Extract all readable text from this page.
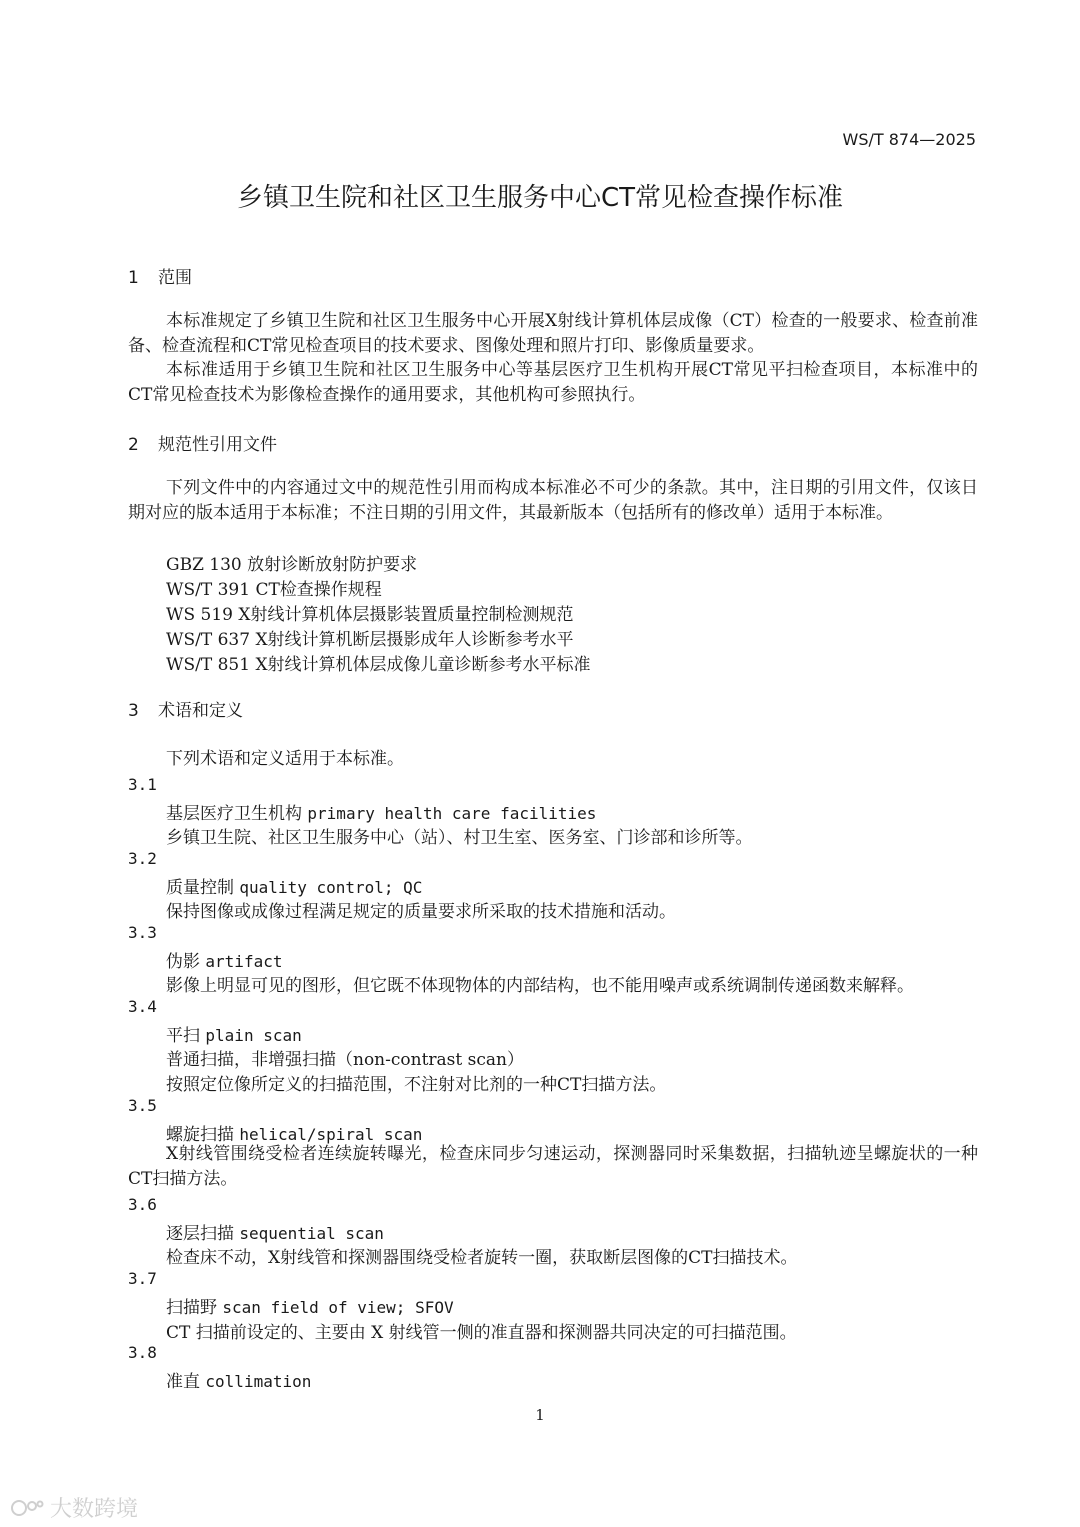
WS/T 874—2025
乡镇卫生院和社区卫生服务中心CT常见检查操作标准
1 范围
本标准规定了乡镇卫生院和社区卫生服务中心开展X射线计算机体层成像（CT）检查的一般要求、检查前准备、检查流程和CT常见检查项目的技术要求、图像处理和照片打印、影像质量要求。
本标准适用于乡镇卫生院和社区卫生服务中心等基层医疗卫生机构开展CT常见平扫检查项目，本标准中的CT常见检查技术为影像检查操作的通用要求，其他机构可参照执行。
2 规范性引用文件
下列文件中的内容通过文中的规范性引用而构成本标准必不可少的条款。其中，注日期的引用文件，仅该日期对应的版本适用于本标准；不注日期的引用文件，其最新版本（包括所有的修改单）适用于本标准。
GBZ 130 放射诊断放射防护要求
WS/T 391 CT检查操作规程
WS 519 X射线计算机体层摄影装置质量控制检测规范
WS/T 637 X射线计算机断层摄影成年人诊断参考水平
WS/T 851 X射线计算机体层成像儿童诊断参考水平标准
3 术语和定义
下列术语和定义适用于本标准。
3.1
基层医疗卫生机构 primary health care facilities
乡镇卫生院、社区卫生服务中心（站）、村卫生室、医务室、门诊部和诊所等。
3.2
质量控制 quality control; QC
保持图像或成像过程满足规定的质量要求所采取的技术措施和活动。
3.3
伪影 artifact
影像上明显可见的图形，但它既不体现物体的内部结构，也不能用噪声或系统调制传递函数来解释。
3.4
平扫 plain scan
普通扫描，非增强扫描（non-contrast scan）
按照定位像所定义的扫描范围，不注射对比剂的一种CT扫描方法。
3.5
螺旋扫描 helical/spiral scan
X射线管围绕受检者连续旋转曝光，检查床同步匀速运动，探测器同时采集数据，扫描轨迹呈螺旋状的一种CT扫描方法。
3.6
逐层扫描 sequential scan
检查床不动，X射线管和探测器围绕受检者旋转一圈，获取断层图像的CT扫描技术。
3.7
扫描野 scan field of view; SFOV
CT 扫描前设定的、主要由 X 射线管一侧的准直器和探测器共同决定的可扫描范围。
3.8
准直 collimation
1
大数跨境
